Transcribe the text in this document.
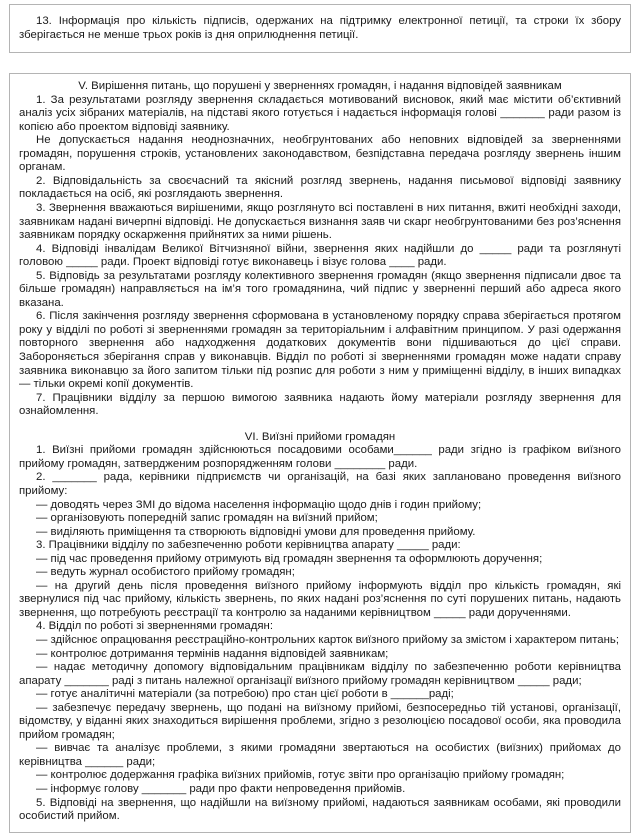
13. Інформація про кількість підписів, одержаних на підтримку електронної петиції, та строки їх збору зберігається не менше трьох років із дня оприлюднення петиції.

V. Вирішення питань, що порушені у зверненнях громадян, і надання відповідей заявникам

1. За результатами розгляду звернення складається мотивований висновок, який має містити об’єктивний аналіз усіх зібраних матеріалів, на підставі якого готується і надається інформація голові _______ ради разом із копією або проектом відповіді заявнику.

Не допускається надання неоднозначних, необгрунтованих або неповних відповідей за зверненнями громадян, порушення строків, установлених законодавством, безпідставна передача розгляду звернень іншим органам.

2. Відповідальність за своєчасний та якісний розгляд звернень, надання письмової відповіді заявнику покладається на осіб, які розглядають звернення.

3. Звернення вважаються вирішеними, якщо розглянуто всі поставлені в них питання, вжиті необхідні заходи, заявникам надані вичерпні відповіді. Не допускається визнання заяв чи скарг необгрунтованими без роз’яснення заявникам порядку оскарження прийнятих за ними рішень.

4. Відповіді інвалідам Великої Вітчизняної війни, звернення яких надійшли до _____ ради та розглянуті головою _____ ради. Проект відповіді готує виконавець і візує голова ____ ради.

5. Відповідь за результатами розгляду колективного звернення громадян (якщо звернення підписали двоє та більше громадян) направляється на ім’я того громадянина, чий підпис у зверненні перший або адреса якого вказана.

6. Після закінчення розгляду звернення сформована в установленому порядку справа зберігається протягом року у відділі по роботі зі зверненнями громадян за територіальним і алфавітним принципом. У разі одержання повторного звернення або надходження додаткових документів вони підшиваються до цієї справи. Забороняється зберігання справ у виконавців. Відділ по роботі зі зверненнями громадян може надати справу заявника виконавцю за його запитом тільки під розпис для роботи з ним у приміщенні відділу, в інших випадках — тільки окремі копії документів.

7. Працівники відділу за першою вимогою заявника надають йому матеріали розгляду звернення для ознайомлення.

VI. Виїзні прийоми громадян

1. Виїзні прийоми громадян здійснюються посадовими особами______ ради згідно із графіком виїзного прийому громадян, затвердженим розпорядженням голови ________ ради.

2. _______ рада, керівники підприємств чи організацій, на базі яких заплановано проведення виїзного прийому:

— доводять через ЗМІ до відома населення інформацію щодо днів і годин прийому;

— організовують попередній запис громадян на виїзний прийом;

— виділяють приміщення та створюють відповідні умови для проведення прийому.

3. Працівники відділу по забезпеченню роботи керівництва апарату _____ ради:

— під час проведення прийому отримують від громадян звернення та оформлюють доручення;

— ведуть журнал особистого прийому громадян;

— на другий день після проведення виїзного прийому інформують відділ про кількість громадян, які звернулися під час прийому, кількість звернень, по яких надані роз’яснення по суті порушених питань, надають звернення, що потребують реєстрації та контролю за наданими керівництвом _____ ради дорученнями.

4. Відділ по роботі зі зверненнями громадян:

— здійснює опрацювання реєстраційно-контрольних карток виїзного прийому за змістом і характером питань;

— контролює дотримання термінів надання відповідей заявникам;

— надає методичну допомогу відповідальним працівникам відділу по забезпеченню роботи керівництва апарату _______ раді з питань належної організації виїзного прийому громадян керівництвом _____ ради;

— готує аналітичні матеріали (за потребою) про стан цієї роботи в ______раді;

— забезпечує передачу звернень, що подані на виїзному прийомі, безпосередньо тій установі, організації, відомству, у віданні яких знаходиться вирішення проблеми, згідно з резолюцією посадової особи, яка проводила прийом громадян;

— вивчає та аналізує проблеми, з якими громадяни звертаються на особистих (виїзних) прийомах до керівництва ______ ради;

— контролює додержання графіка виїзних прийомів, готує звіти про організацію прийому громадян;

— інформує голову _______ ради про факти непроведення прийомів.

5. Відповіді на звернення, що надійшли на виїзному прийомі, надаються заявникам особами, які проводили особистий прийом.
